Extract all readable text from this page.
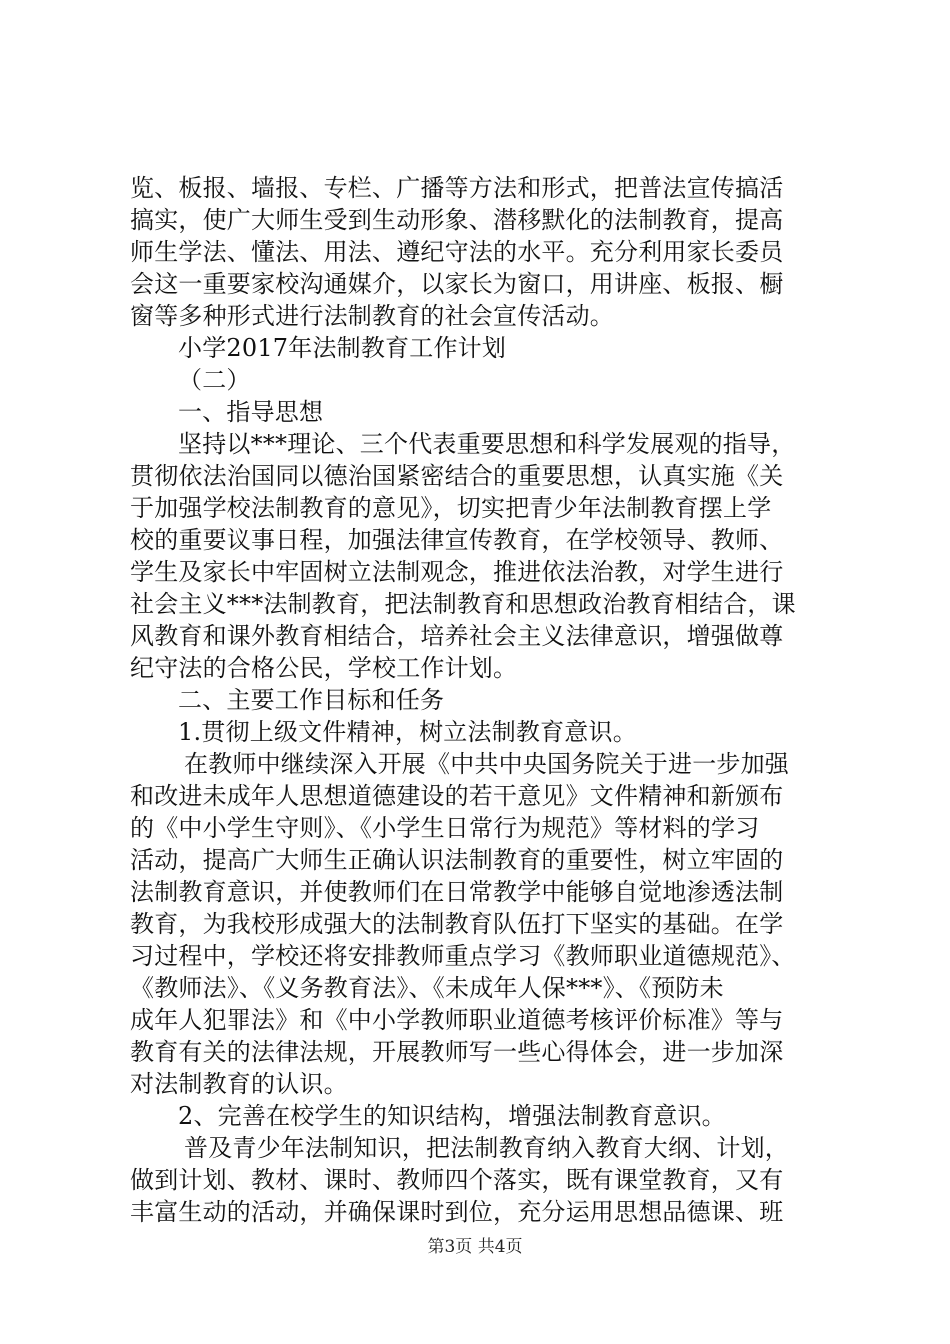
览、板报、墙报、专栏、广播等方法和形式，把普法宣传搞活
搞实，使广大师生受到生动形象、潜移默化的法制教育，提高
师生学法、懂法、用法、遵纪守法的水平。充分利用家长委员
会这一重要家校沟通媒介，以家长为窗口，用讲座、板报、橱
窗等多种形式进行法制教育的社会宣传活动。
小学2017年法制教育工作计划
（二）
一、指导思想
坚持以***理论、三个代表重要思想和科学发展观的指导，
贯彻依法治国同以德治国紧密结合的重要思想，认真实施《关
于加强学校法制教育的意见》，切实把青少年法制教育摆上学
校的重要议事日程，加强法律宣传教育，在学校领导、教师、
学生及家长中牢固树立法制观念，推进依法治教，对学生进行
社会主义***法制教育，把法制教育和思想政治教育相结合，课
风教育和课外教育相结合，培养社会主义法律意识，增强做尊
纪守法的合格公民，学校工作计划。
二、主要工作目标和任务
1.贯彻上级文件精神，树立法制教育意识。
在教师中继续深入开展《中共中央国务院关于进一步加强
和改进未成年人思想道德建设的若干意见》文件精神和新颁布
的《中小学生守则》、《小学生日常行为规范》等材料的学习
活动，提高广大师生正确认识法制教育的重要性，树立牢固的
法制教育意识，并使教师们在日常教学中能够自觉地渗透法制
教育，为我校形成强大的法制教育队伍打下坚实的基础。在学
习过程中，学校还将安排教师重点学习《教师职业道德规范》、
《教师法》、《义务教育法》、《未成年人保***》、《预防未
成年人犯罪法》和《中小学教师职业道德考核评价标准》等与
教育有关的法律法规，开展教师写一些心得体会，进一步加深
对法制教育的认识。
2、完善在校学生的知识结构，增强法制教育意识。
普及青少年法制知识，把法制教育纳入教育大纲、计划，
做到计划、教材、课时、教师四个落实，既有课堂教育，又有
丰富生动的活动，并确保课时到位，充分运用思想品德课、班
第3页 共4页
